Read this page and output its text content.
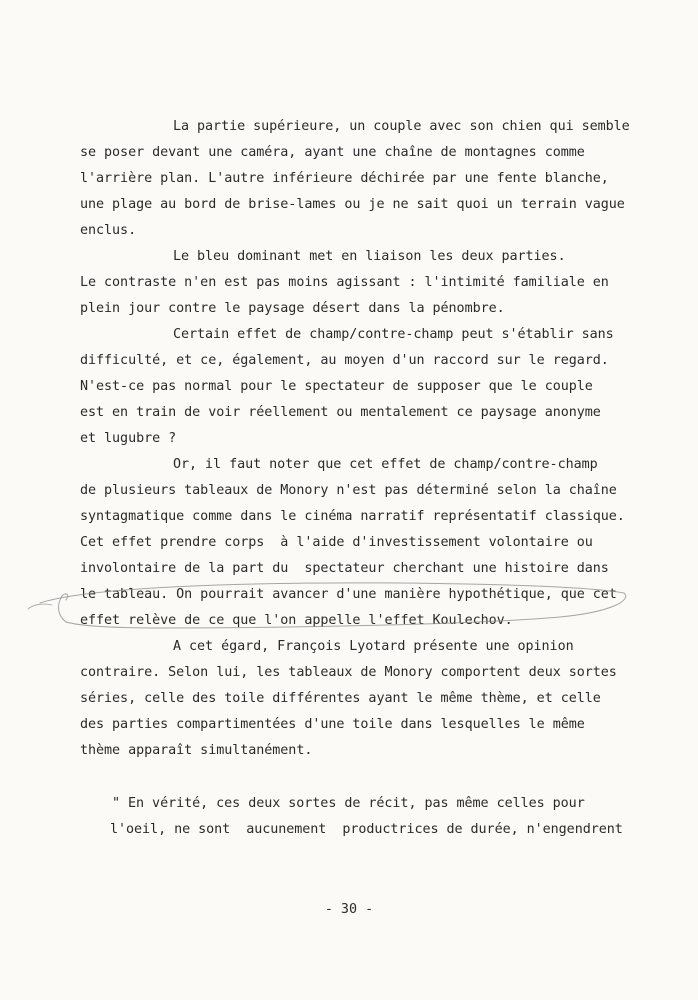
La partie supérieure, un couple avec son chien qui semble
se poser devant une caméra, ayant une chaîne de montagnes comme
l'arrière plan. L'autre inférieure déchirée par une fente blanche,
une plage au bord de brise-lames ou je ne sait quoi un terrain vague
enclus.
Le bleu dominant met en liaison les deux parties.
Le contraste n'en est pas moins agissant : l'intimité familiale en
plein jour contre le paysage désert dans la pénombre.
Certain effet de champ/contre-champ peut s'établir sans
difficulté, et ce, également, au moyen d'un raccord sur le regard.
N'est-ce pas normal pour le spectateur de supposer que le couple
est en train de voir réellement ou mentalement ce paysage anonyme
et lugubre ?
Or, il faut noter que cet effet de champ/contre-champ
de plusieurs tableaux de Monory n'est pas déterminé selon la chaîne
syntagmatique comme dans le cinéma narratif représentatif classique.
Cet effet prendre corps  à l'aide d'investissement volontaire ou
involontaire de la part du  spectateur cherchant une histoire dans
le tableau. On pourrait avancer d'une manière hypothétique, que cet
effet relève de ce que l'on appelle l'effet Koulechov.
A cet égard, François Lyotard présente une opinion
contraire. Selon lui, les tableaux de Monory comportent deux sortes
séries, celle des toile différentes ayant le même thème, et celle
des parties compartimentées d'une toile dans lesquelles le même
thème apparaît simultanément.
" En vérité, ces deux sortes de récit, pas même celles pour
l'oeil, ne sont  aucunement  productrices de durée, n'engendrent
- 30 -
